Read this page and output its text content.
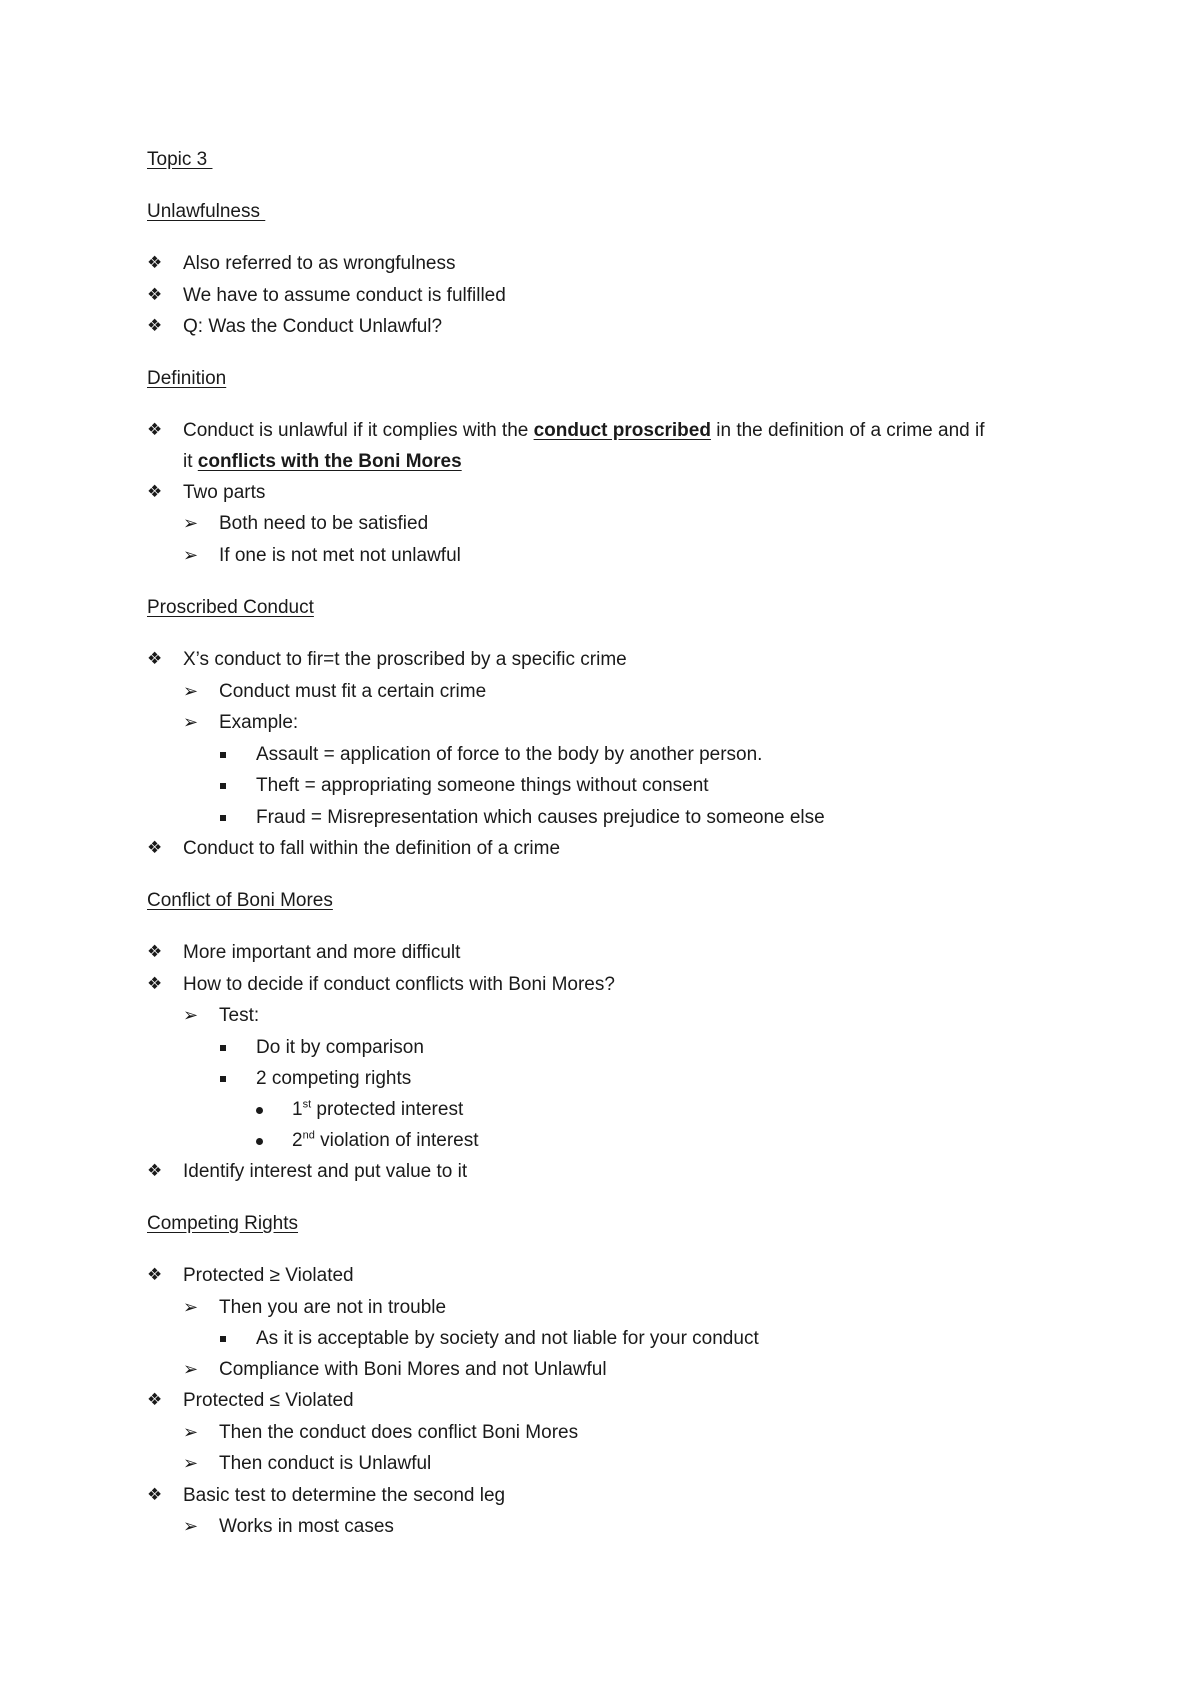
Topic 3
Unlawfulness
❖ Also referred to as wrongfulness
❖ We have to assume conduct is fulfilled
❖ Q: Was the Conduct Unlawful?
Definition
❖ Conduct is unlawful if it complies with the conduct proscribed in the definition of a crime and if
it conflicts with the Boni Mores
❖ Two parts
➢ Both need to be satisfied
➢ If one is not met not unlawful
Proscribed Conduct
❖ X’s conduct to fir=t the proscribed by a specific crime
➢ Conduct must fit a certain crime
➢ Example:
Assault = application of force to the body by another person.
Theft = appropriating someone things without consent
Fraud = Misrepresentation which causes prejudice to someone else
❖ Conduct to fall within the definition of a crime
Conflict of Boni Mores
❖ More important and more difficult
❖ How to decide if conduct conflicts with Boni Mores?
➢ Test:
Do it by comparison
2 competing rights
1st protected interest
2nd violation of interest
❖ Identify interest and put value to it
Competing Rights
❖ Protected ≥ Violated
➢ Then you are not in trouble
As it is acceptable by society and not liable for your conduct
➢ Compliance with Boni Mores and not Unlawful
❖ Protected ≤ Violated
➢ Then the conduct does conflict Boni Mores
➢ Then conduct is Unlawful
❖ Basic test to determine the second leg
➢ Works in most cases
